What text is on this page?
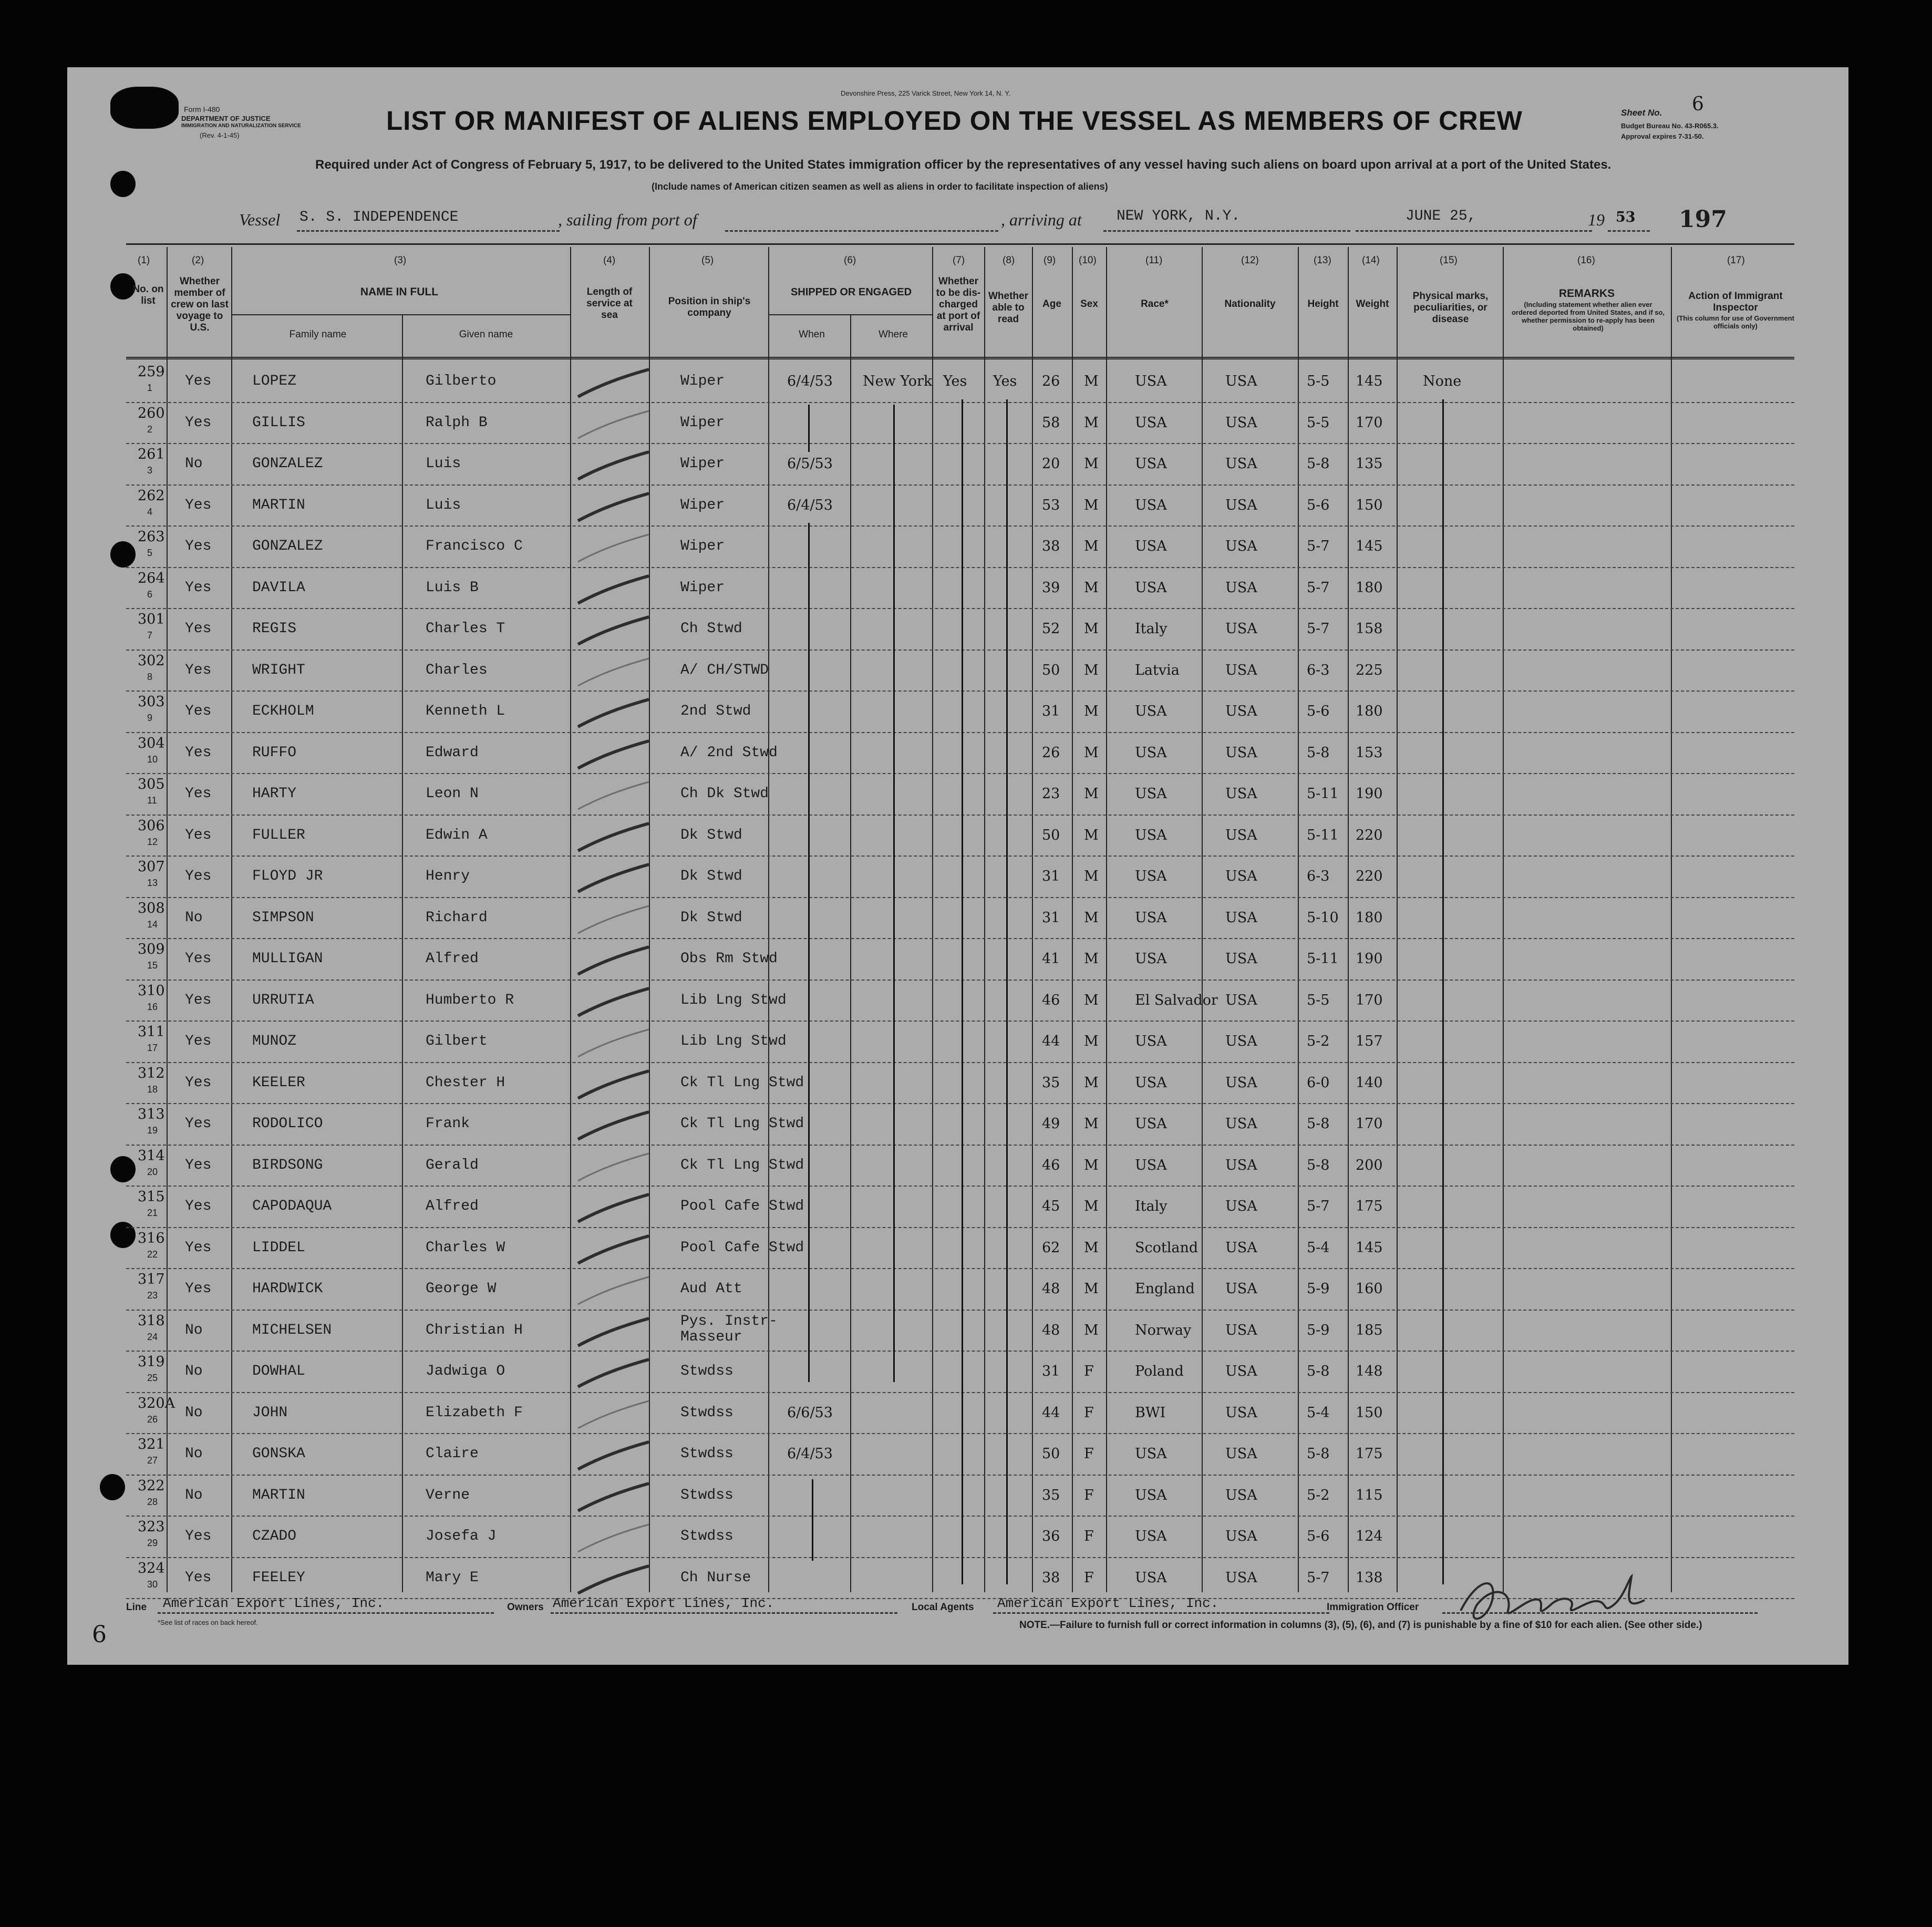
Form I-480
DEPARTMENT OF JUSTICE
IMMIGRATION AND NATURALIZATION SERVICE
(Rev. 4-1-45)
Devonshire Press, 225 Varick Street, New York 14, N. Y.
LIST OR MANIFEST OF ALIENS EMPLOYED ON THE VESSEL AS MEMBERS OF CREW	Sheet No. 6
Budget Bureau No. 43-R065.3.
Approval expires 7-31-50.
Required under Act of Congress of February 5, 1917, to be delivered to the United States immigration officer by the representatives of any vessel having such aliens on board upon arrival at a port of the United States.
(Include names of American citizen seamen as well as aliens in order to facilitate inspection of aliens)
Vessel S. S. INDEPENDENCE	, sailing from port of	, arriving at NEW YORK, N.Y.	JUNE 25,	19 53 197
(1)	(2)	(3)	(4)	(5)	(6)	(7)	(8)	(9) (10)	(11)	(12)	(13)	(14)	(15)	(16)	(17)
No. on list
Whether member of crew on last voyage to U.S.
NAME IN FULL
Family name	Given name
Length of service at sea
Position in ship's company
SHIPPED OR ENGAGED
When	Where
Whether to be dis-charged at port of arrival
Whether able to read
Age	Sex	Race*	Nationality	Height	Weight
Physical marks, peculiarities, or disease
REMARKS
(Including statement whether alien ever ordered deported from United States, and if so, whether permission to re-apply has been obtained)
Action of Immigrant Inspector
(This column for use of Government officials only)
259
1 Yes	LOPEZ	Gilberto	Wiper	6/4/53 New York Yes Yes 26 M	USA	USA	5-5 145	None
260
2 Yes	GILLIS	Ralph B	Wiper	58 M	USA	USA	5-5 170
261
3 No	GONZALEZ	Luis	Wiper	6/5/53	20 M	USA	USA	5-8 135
262
4 Yes	MARTIN	Luis	Wiper	6/4/53	53 M	USA	USA	5-6 150
263
5 Yes	GONZALEZ	Francisco C	Wiper	38 M	USA	USA	5-7 145
264
6 Yes	DAVILA	Luis B	Wiper	39 M	USA	USA	5-7 180
301
7 Yes	REGIS	Charles T	Ch Stwd	52 M	Italy	USA	5-7 158
302
8 Yes	WRIGHT	Charles	A/ CH/STWD	50 M	Latvia	USA	6-3 225
303
9 Yes	ECKHOLM	Kenneth L	2nd Stwd	31 M	USA	USA	5-6 180
304
10 Yes	RUFFO	Edward	A/ 2nd Stwd	26 M	USA	USA	5-8 153
305
11 Yes	HARTY	Leon N	Ch Dk Stwd	23 M	USA	USA	5-11 190
306
12 Yes	FULLER	Edwin A	Dk Stwd	50 M	USA	USA	5-11 220
307
13 Yes	FLOYD JR	Henry	Dk Stwd	31 M	USA	USA	6-3 220
308
14 No	SIMPSON	Richard	Dk Stwd	31 M	USA	USA	5-10 180
309
15 Yes	MULLIGAN	Alfred	Obs Rm Stwd	41 M	USA	USA	5-11 190
310
16 Yes	URRUTIA	Humberto R	Lib Lng Stwd	46 M	El Salvador USA	5-5 170
311
17 Yes	MUNOZ	Gilbert	Lib Lng Stwd	44 M	USA	USA	5-2 157
312
18 Yes	KEELER	Chester H	Ck Tl Lng Stwd	35 M	USA	USA	6-0 140
313
19 Yes	RODOLICO	Frank	Ck Tl Lng Stwd	49 M	USA	USA	5-8 170
314
20 Yes	BIRDSONG	Gerald	Ck Tl Lng Stwd	46 M	USA	USA	5-8 200
315
21 Yes	CAPODAQUA	Alfred	Pool Cafe Stwd	45 M	Italy	USA	5-7 175
316
22 Yes	LIDDEL	Charles W	Pool Cafe Stwd	62 M	Scotland USA	5-4 145
317
23 Yes	HARDWICK	George W	Aud Att	48 M	England USA	5-9 160
318
24 No	MICHELSEN	Christian H
Pys. Instr-
Masseur	48 M	Norway USA	5-9 185
319
25 No	DOWHAL	Jadwiga O	Stwdss	31 F	Poland	USA	5-8 148
320A
26 No	JOHN	Elizabeth F	Stwdss	6/6/53	44 F	BWI	USA	5-4 150
321
27 No	GONSKA	Claire	Stwdss	6/4/53	50 F	USA	USA	5-8 175
322
28 No	MARTIN	Verne	Stwdss	35 F	USA	USA	5-2 115
323
29 Yes	CZADO	Josefa J	Stwdss	36 F	USA	USA	5-6 124
324
30 Yes	FEELEY	Mary E	Ch Nurse	38 F	USA	USA	5-7 138
Line American Export Lines, Inc.	Owners American Export Lines, Inc.	Local Agents American Export Lines, Inc.	Immigration Officer
*See list of races on back hereof.	NOTE.—Failure to furnish full or correct information in columns (3), (5), (6), and (7) is punishable by a fine of $10 for each alien. (See other side.)
6
